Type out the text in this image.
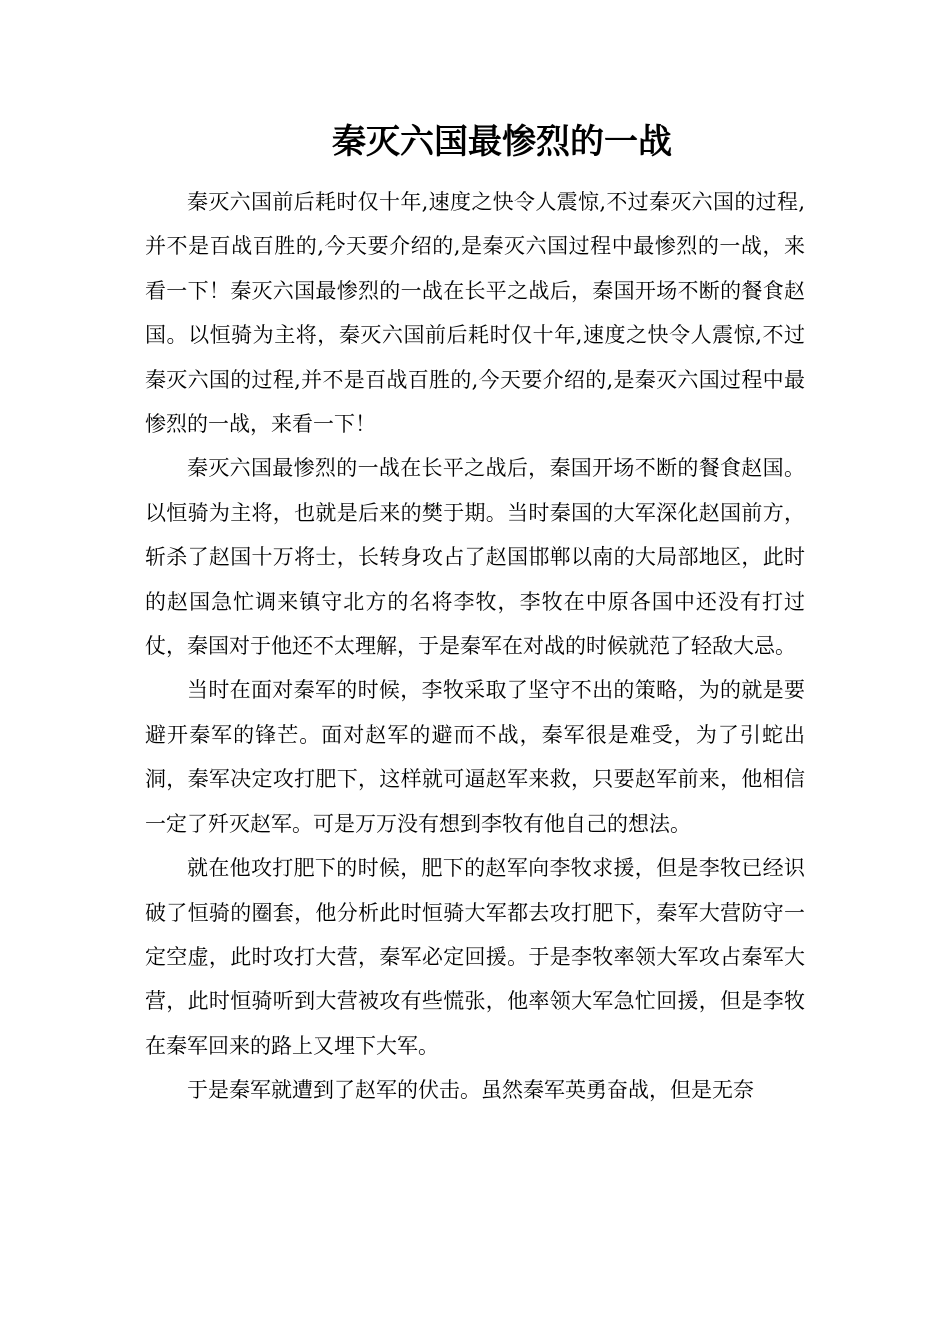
秦灭六国最惨烈的一战

秦灭六国前后耗时仅十年,速度之快令人震惊,不过秦灭六国的过程,并不是百战百胜的,今天要介绍的,是秦灭六国过程中最惨烈的一战，来看一下！秦灭六国最惨烈的一战在长平之战后，秦国开场不断的餐食赵国。以恒骑为主将，秦灭六国前后耗时仅十年,速度之快令人震惊,不过秦灭六国的过程,并不是百战百胜的,今天要介绍的,是秦灭六国过程中最惨烈的一战，来看一下！

秦灭六国最惨烈的一战在长平之战后，秦国开场不断的餐食赵国。以恒骑为主将，也就是后来的樊于期。当时秦国的大军深化赵国前方，斩杀了赵国十万将士，长转身攻占了赵国邯郸以南的大局部地区，此时的赵国急忙调来镇守北方的名将李牧，李牧在中原各国中还没有打过仗，秦国对于他还不太理解，于是秦军在对战的时候就范了轻敌大忌。

当时在面对秦军的时候，李牧采取了坚守不出的策略，为的就是要避开秦军的锋芒。面对赵军的避而不战，秦军很是难受，为了引蛇出洞，秦军决定攻打肥下，这样就可逼赵军来救，只要赵军前来，他相信一定了歼灭赵军。可是万万没有想到李牧有他自己的想法。

就在他攻打肥下的时候，肥下的赵军向李牧求援，但是李牧已经识破了恒骑的圈套，他分析此时恒骑大军都去攻打肥下，秦军大营防守一定空虚，此时攻打大营，秦军必定回援。于是李牧率领大军攻占秦军大营，此时恒骑听到大营被攻有些慌张，他率领大军急忙回援，但是李牧在秦军回来的路上又埋下大军。

于是秦军就遭到了赵军的伏击。虽然秦军英勇奋战，但是无奈
